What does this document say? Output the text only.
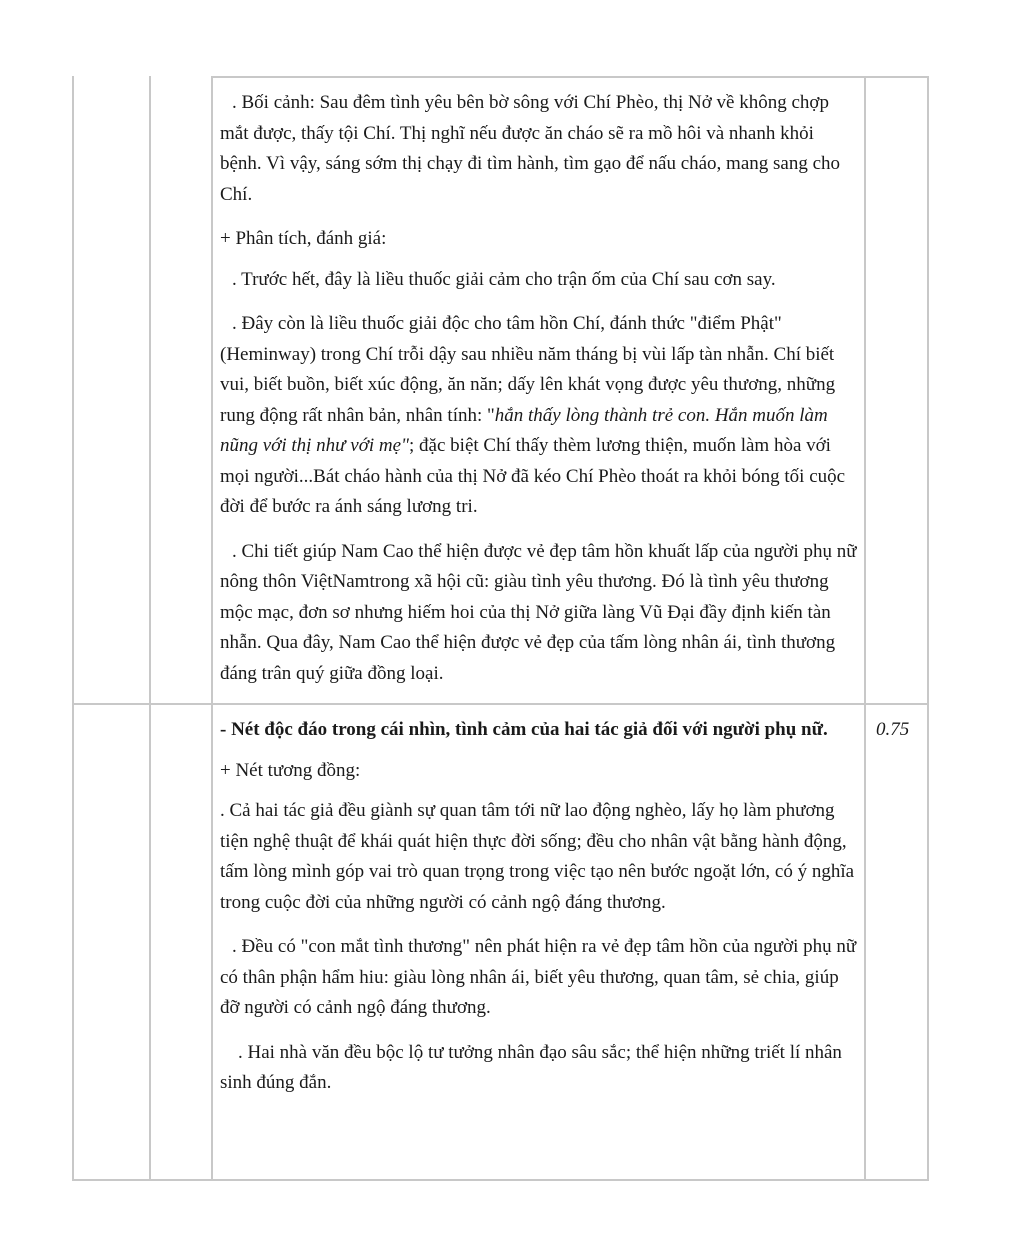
. Bối cảnh: Sau đêm tình yêu bên bờ sông với Chí Phèo, thị Nở về không chợp mắt được, thấy tội Chí. Thị nghĩ nếu được ăn cháo sẽ ra mồ hôi và nhanh khỏi bệnh. Vì vậy, sáng sớm thị chạy đi tìm hành, tìm gạo để nấu cháo, mang sang cho Chí.

+ Phân tích, đánh giá:

. Trước hết, đây là liều thuốc giải cảm cho trận ốm của Chí sau cơn say.

. Đây còn là liều thuốc giải độc cho tâm hồn Chí, đánh thức "điểm Phật" (Heminway) trong Chí trỗi dậy sau nhiều năm tháng bị vùi lấp tàn nhẫn. Chí biết vui, biết buồn, biết xúc động, ăn năn; dấy lên khát vọng được yêu thương, những rung động rất nhân bản, nhân tính: "hắn thấy lòng thành trẻ con. Hắn muốn làm nũng với thị như với mẹ"; đặc biệt Chí thấy thèm lương thiện, muốn làm hòa với mọi người...Bát cháo hành của thị Nở đã kéo Chí Phèo thoát ra khỏi bóng tối cuộc đời để bước ra ánh sáng lương tri.

. Chi tiết giúp Nam Cao thể hiện được vẻ đẹp tâm hồn khuất lấp của người phụ nữ nông thôn ViệtNamtrong xã hội cũ: giàu tình yêu thương. Đó là tình yêu thương mộc mạc, đơn sơ nhưng hiếm hoi của thị Nở giữa làng Vũ Đại đầy định kiến tàn nhẫn. Qua đây, Nam Cao thể hiện được vẻ đẹp của tấm lòng nhân ái, tình thương đáng trân quý giữa đồng loại.

- Nét độc đáo trong cái nhìn, tình cảm của hai tác giả đối với người phụ nữ.

+ Nét tương đồng:

. Cả hai tác giả đều giành sự quan tâm tới nữ lao động nghèo, lấy họ làm phương tiện nghệ thuật để khái quát hiện thực đời sống; đều cho nhân vật bằng hành động, tấm lòng mình góp vai trò quan trọng trong việc tạo nên bước ngoặt lớn, có ý nghĩa trong cuộc đời của những người có cảnh ngộ đáng thương.

. Đều có "con mắt tình thương" nên phát hiện ra vẻ đẹp tâm hồn của người phụ nữ có thân phận hẩm hiu: giàu lòng nhân ái, biết yêu thương, quan tâm, sẻ chia, giúp đỡ người có cảnh ngộ đáng thương.

. Hai nhà văn đều bộc lộ tư tưởng nhân đạo sâu sắc; thể hiện những triết lí nhân sinh đúng đắn.

0.75
